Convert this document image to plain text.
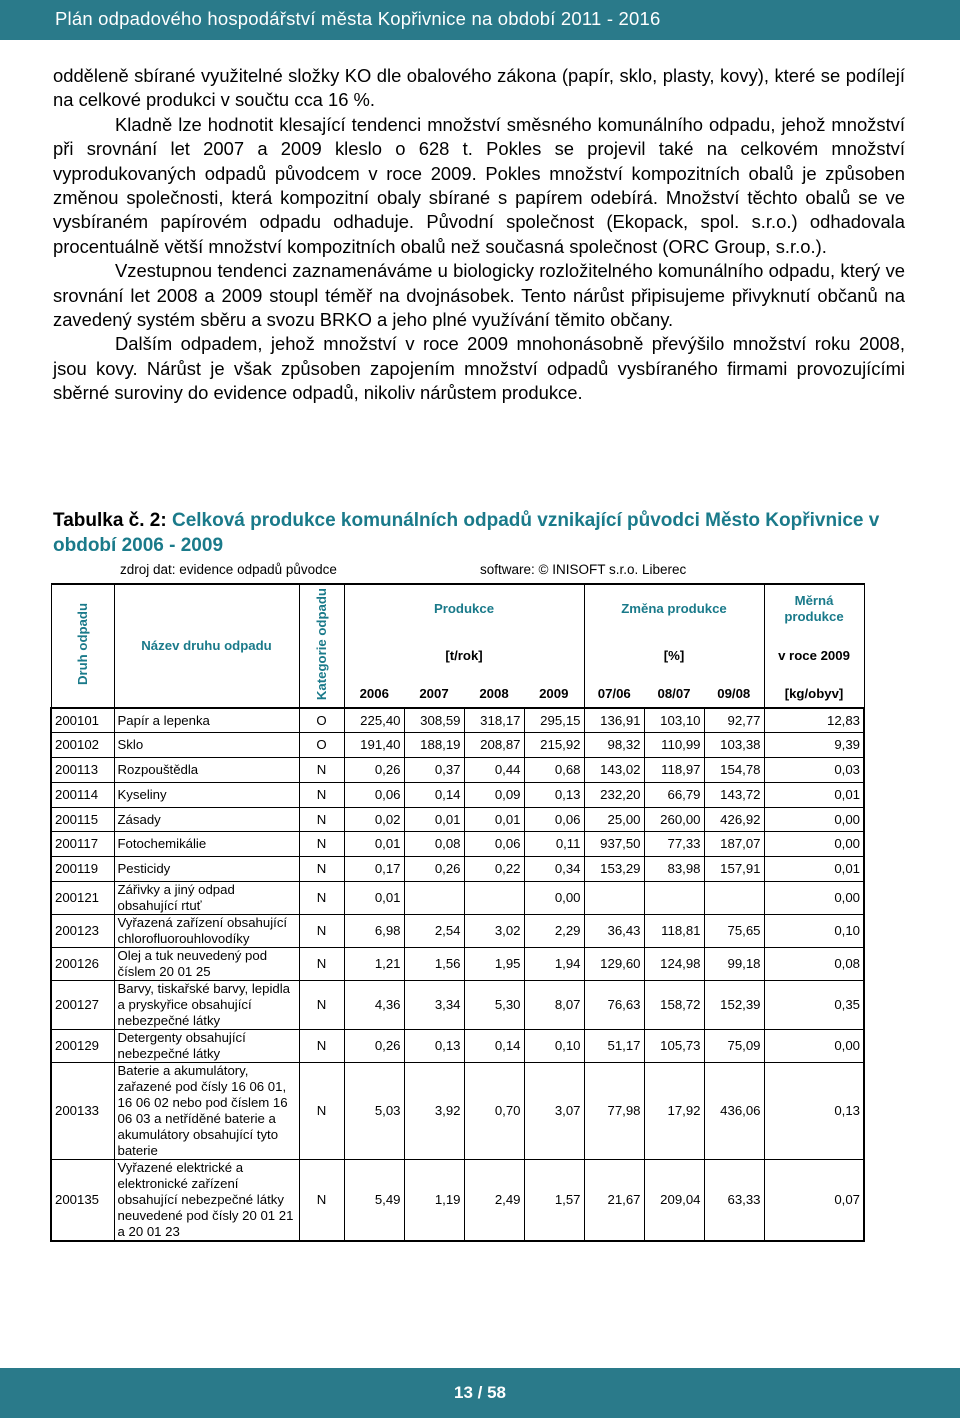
Plán odpadového hospodářství města Kopřivnice na období 2011 - 2016

odděleně sbírané využitelné složky KO dle obalového zákona (papír, sklo, plasty, kovy), které se podílejí na celkové produkci v součtu cca 16 %.

Kladně lze hodnotit klesající tendenci množství směsného komunálního odpadu, jehož množství při srovnání let 2007 a 2009 kleslo o 628 t. Pokles se projevil také na celkovém množství vyprodukovaných odpadů původcem v roce 2009. Pokles množství kompozitních obalů je způsoben změnou společnosti, která kompozitní obaly sbírané s papírem odebírá. Množství těchto obalů se ve vysbíraném papírovém odpadu odhaduje. Původní společnost (Ekopack, spol. s.r.o.) odhadovala procentuálně větší množství kompozitních obalů než současná společnost (ORC Group, s.r.o.).

Vzestupnou tendenci zaznamenáváme u biologicky rozložitelného komunálního odpadu, který ve srovnání let 2008 a 2009 stoupl téměř na dvojnásobek. Tento nárůst připisujeme přivyknutí občanů na zavedený systém sběru a svozu BRKO a jeho plné využívání těmito občany.

Dalším odpadem, jehož množství v roce 2009 mnohonásobně převýšilo množství roku 2008, jsou kovy. Nárůst je však způsoben zapojením množství odpadů vysbíraného firmami provozujícími sběrné suroviny do evidence odpadů, nikoliv nárůstem produkce.

Tabulka č. 2: Celková produkce komunálních odpadů vznikající původci Město Kopřivnice v období 2006 - 2009
zdroj dat: evidence odpadů původce	software: © INISOFT s.r.o. Liberec
Druh odpadu	Název druhu odpadu	Kategorie odpadu	Produkce				Změna produkce			Měrná produkce
			[t/rok]				[%]			v roce 2009
			2006	2007	2008	2009	07/06	08/07	09/08	[kg/obyv]
200101	Papír a lepenka	O	225,40	308,59	318,17	295,15	136,91	103,10	92,77	12,83
200102	Sklo	O	191,40	188,19	208,87	215,92	98,32	110,99	103,38	9,39
200113	Rozpouštědla	N	0,26	0,37	0,44	0,68	143,02	118,97	154,78	0,03
200114	Kyseliny	N	0,06	0,14	0,09	0,13	232,20	66,79	143,72	0,01
200115	Zásady	N	0,02	0,01	0,01	0,06	25,00	260,00	426,92	0,00
200117	Fotochemikálie	N	0,01	0,08	0,06	0,11	937,50	77,33	187,07	0,00
200119	Pesticidy	N	0,17	0,26	0,22	0,34	153,29	83,98	157,91	0,01
200121	Zářivky a jiný odpad obsahující rtuť	N	0,01			0,00				0,00
200123	Vyřazená zařízení obsahující chlorofluorouhlovodíky	N	6,98	2,54	3,02	2,29	36,43	118,81	75,65	0,10
200126	Olej a tuk neuvedený pod číslem 20 01 25	N	1,21	1,56	1,95	1,94	129,60	124,98	99,18	0,08
200127	Barvy, tiskařské barvy, lepidla a pryskyřice obsahující nebezpečné látky	N	4,36	3,34	5,30	8,07	76,63	158,72	152,39	0,35
200129	Detergenty obsahující nebezpečné látky	N	0,26	0,13	0,14	0,10	51,17	105,73	75,09	0,00
200133	Baterie a akumulátory, zařazené pod čísly 16 06 01, 16 06 02 nebo pod číslem 16 06 03 a netříděné baterie a akumulátory obsahující tyto baterie	N	5,03	3,92	0,70	3,07	77,98	17,92	436,06	0,13
200135	Vyřazené elektrické a elektronické zařízení obsahující nebezpečné látky neuvedené pod čísly 20 01 21 a 20 01 23	N	5,49	1,19	2,49	1,57	21,67	209,04	63,33	0,07
13 / 58
